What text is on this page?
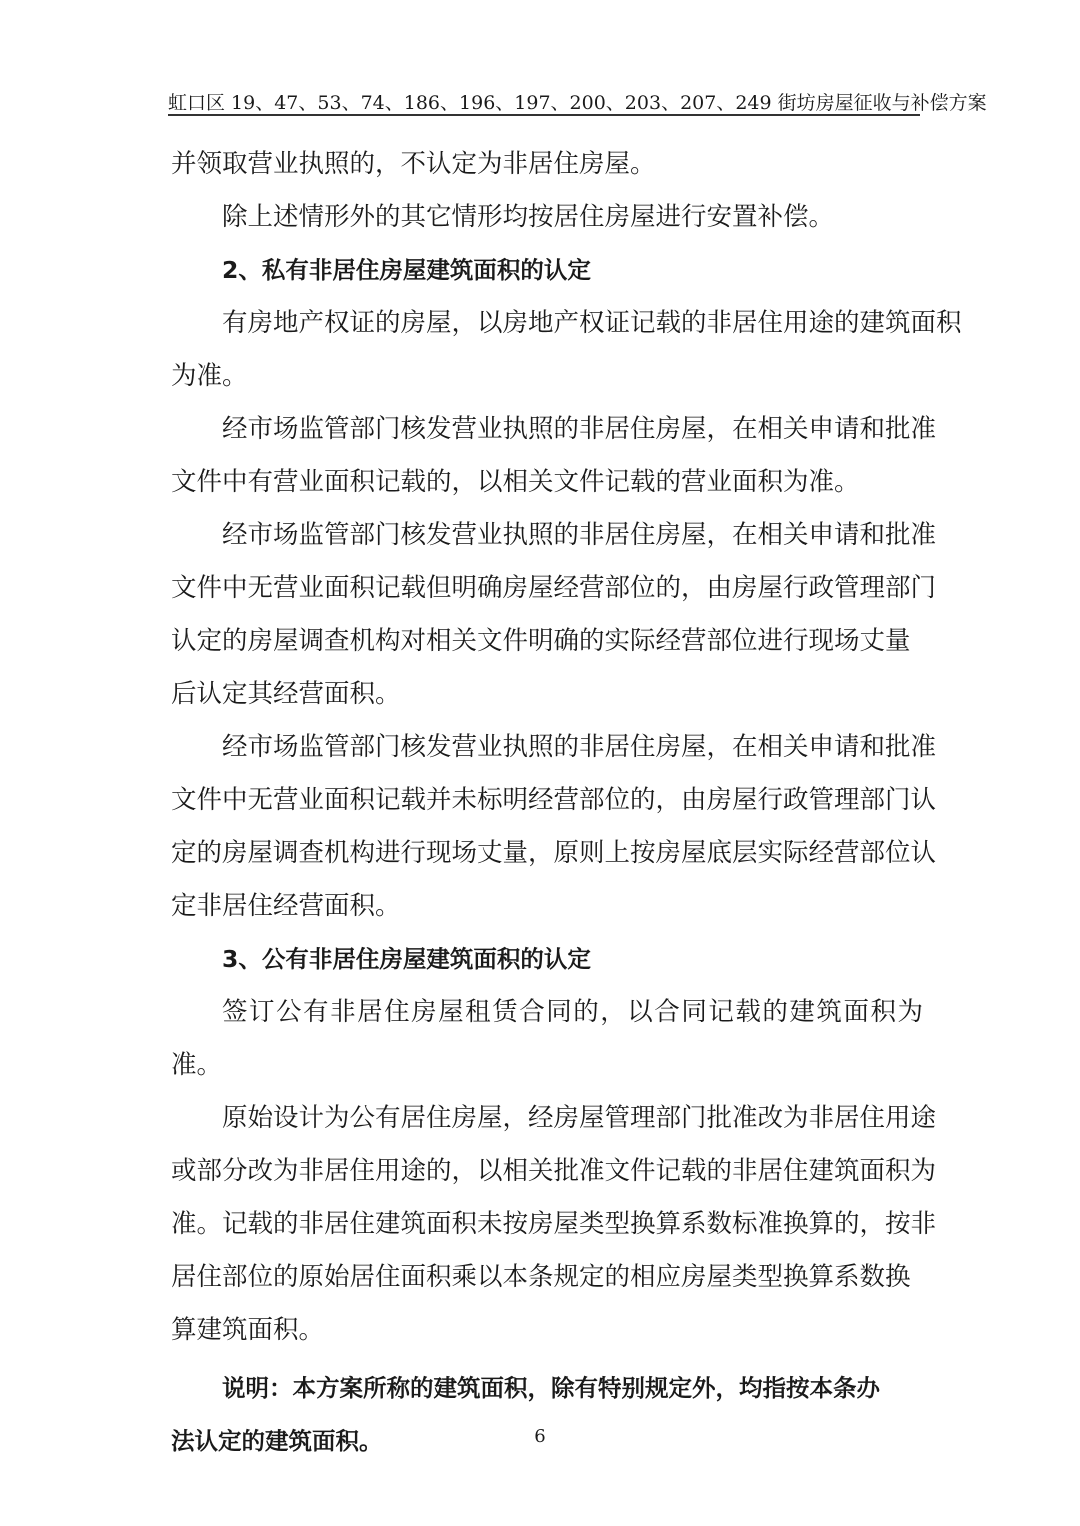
虹口区 19、47、53、74、186、196、197、200、203、207、249 街坊房屋征收与补偿方案

并领取营业执照的，不认定为非居住房屋。

除上述情形外的其它情形均按居住房屋进行安置补偿。

2、私有非居住房屋建筑面积的认定

有房地产权证的房屋，以房地产权证记载的非居住用途的建筑面积
为准。

经市场监管部门核发营业执照的非居住房屋，在相关申请和批准
文件中有营业面积记载的，以相关文件记载的营业面积为准。

经市场监管部门核发营业执照的非居住房屋，在相关申请和批准
文件中无营业面积记载但明确房屋经营部位的，由房屋行政管理部门
认定的房屋调查机构对相关文件明确的实际经营部位进行现场丈量
后认定其经营面积。

经市场监管部门核发营业执照的非居住房屋，在相关申请和批准
文件中无营业面积记载并未标明经营部位的，由房屋行政管理部门认
定的房屋调查机构进行现场丈量，原则上按房屋底层实际经营部位认
定非居住经营面积。

3、公有非居住房屋建筑面积的认定

签订公有非居住房屋租赁合同的，以合同记载的建筑面积为准。

原始设计为公有居住房屋，经房屋管理部门批准改为非居住用途
或部分改为非居住用途的，以相关批准文件记载的非居住建筑面积为
准。记载的非居住建筑面积未按房屋类型换算系数标准换算的，按非
居住部位的原始居住面积乘以本条规定的相应房屋类型换算系数换
算建筑面积。

说明：本方案所称的建筑面积，除有特别规定外，均指按本条办
法认定的建筑面积。	6
